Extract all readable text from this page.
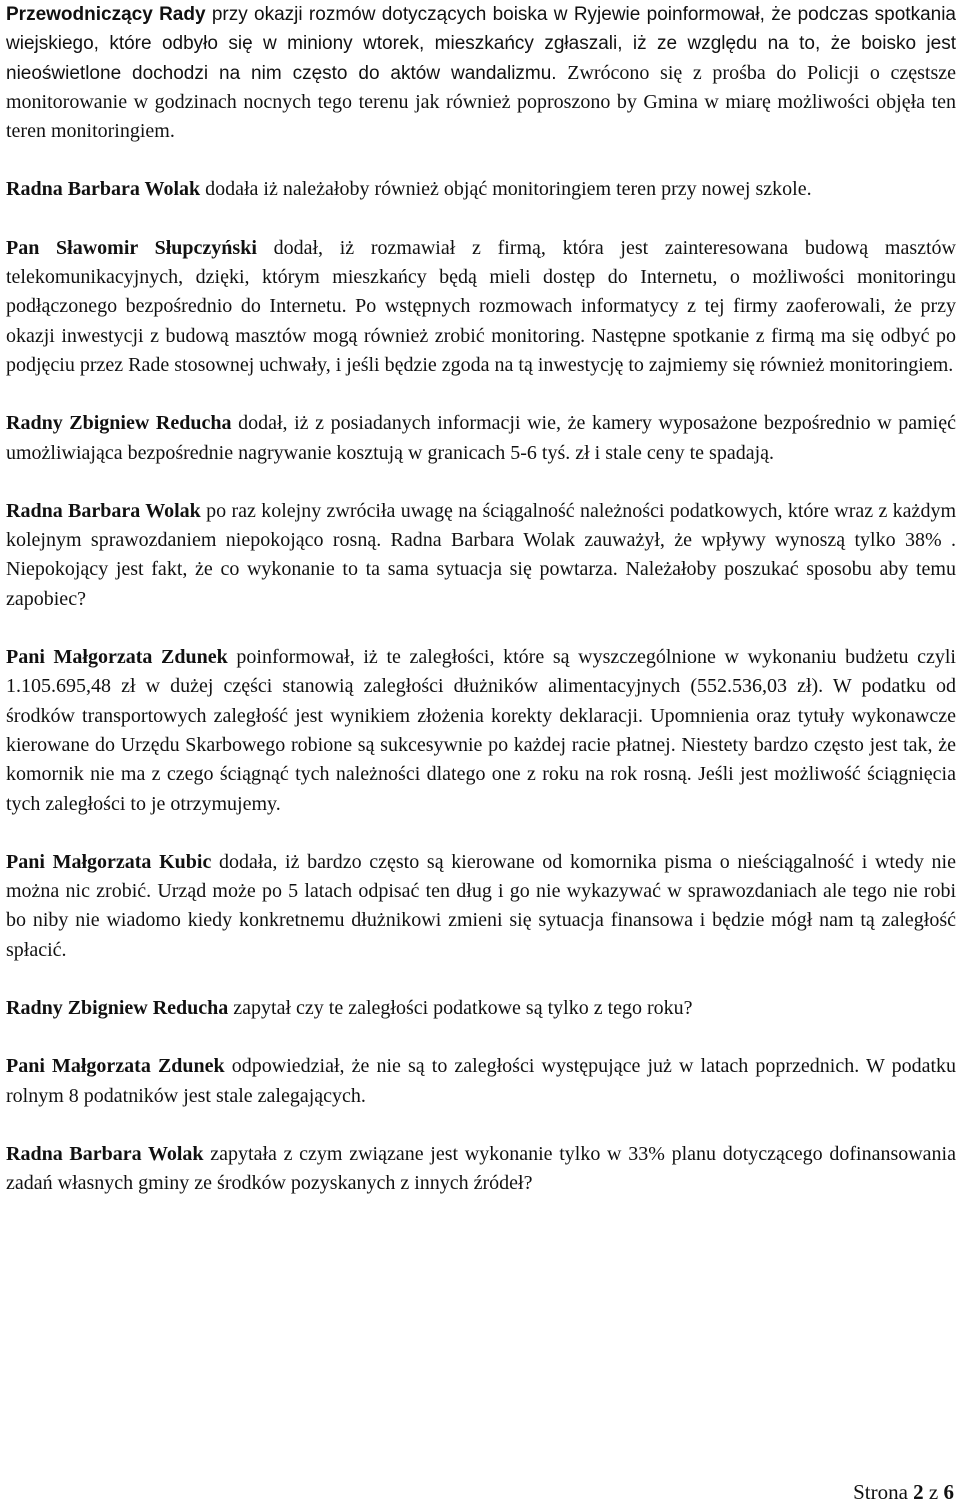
Przewodniczący Rady przy okazji rozmów dotyczących boiska w Ryjewie poinformował, że podczas spotkania wiejskiego, które odbyło się w miniony wtorek, mieszkańcy zgłaszali, iż ze względu na to, że boisko jest nieoświetlone dochodzi na nim często do aktów wandalizmu. Zwrócono się z prośba do Policji o częstsze monitorowanie w godzinach nocnych tego terenu jak również poproszono by Gmina w miarę możliwości objęła ten teren monitoringiem.

Radna Barbara Wolak dodała iż należałoby również objąć monitoringiem teren przy nowej szkole.

Pan Sławomir Słupczyński dodał, iż rozmawiał z firmą, która jest zainteresowana budową masztów telekomunikacyjnych, dzięki, którym mieszkańcy będą mieli dostęp do Internetu, o możliwości monitoringu podłączonego bezpośrednio do Internetu. Po wstępnych rozmowach informatycy z tej firmy zaoferowali, że przy okazji inwestycji z budową masztów mogą również zrobić monitoring. Następne spotkanie z firmą ma się odbyć po podjęciu przez Rade stosownej uchwały, i jeśli będzie zgoda na tą inwestycję to zajmiemy się również monitoringiem.

Radny Zbigniew Reducha dodał, iż z posiadanych informacji wie, że kamery wyposażone bezpośrednio w pamięć umożliwiająca bezpośrednie nagrywanie kosztują w granicach 5-6 tyś. zł i stale ceny te spadają.

Radna Barbara Wolak po raz kolejny zwróciła uwagę na ściągalność należności podatkowych, które wraz z każdym kolejnym sprawozdaniem niepokojąco rosną. Radna Barbara Wolak zauważył, że wpływy wynoszą tylko 38% . Niepokojący jest fakt, że co wykonanie to ta sama sytuacja się powtarza. Należałoby poszukać sposobu aby temu zapobiec?

Pani Małgorzata Zdunek poinformował, iż te zaległości, które są wyszczególnione w wykonaniu budżetu czyli 1.105.695,48 zł w dużej części stanowią zaległości dłużników alimentacyjnych (552.536,03 zł). W podatku od środków transportowych zaległość jest wynikiem złożenia korekty deklaracji. Upomnienia oraz tytuły wykonawcze kierowane do Urzędu Skarbowego robione są sukcesywnie po każdej racie płatnej. Niestety bardzo często jest tak, że komornik nie ma z czego ściągnąć tych należności dlatego one z roku na rok rosną. Jeśli jest możliwość ściągnięcia tych zaległości to je otrzymujemy.

Pani Małgorzata Kubic dodała, iż bardzo często są kierowane od komornika pisma o nieściągalność i wtedy nie można nic zrobić. Urząd może po 5 latach odpisać ten dług i go nie wykazywać w sprawozdaniach ale tego nie robi bo niby nie wiadomo kiedy konkretnemu dłużnikowi zmieni się sytuacja finansowa i będzie mógł nam tą zaległość spłacić.

Radny Zbigniew Reducha zapytał czy te zaległości podatkowe są tylko z tego roku?

Pani Małgorzata Zdunek odpowiedział, że nie są to zaległości występujące już w latach poprzednich. W podatku rolnym 8 podatników jest stale zalegających.

Radna Barbara Wolak zapytała z czym związane jest wykonanie tylko w 33% planu dotyczącego dofinansowania zadań własnych gminy ze środków pozyskanych z innych źródeł?

Strona 2 z 6
